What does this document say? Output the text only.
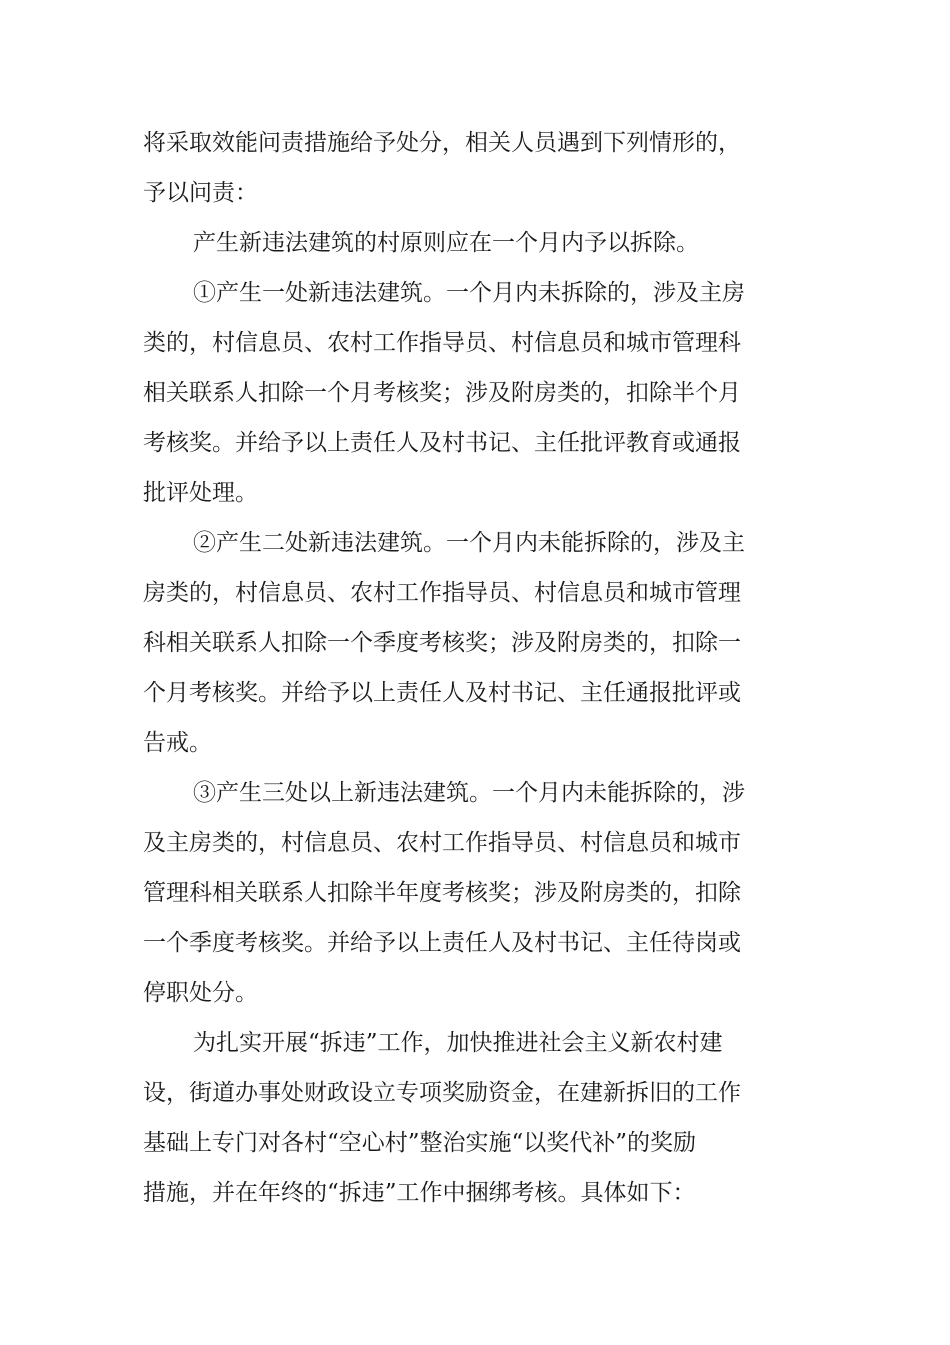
将采取效能问责措施给予处分，相关人员遇到下列情形的，
予以问责：
产生新违法建筑的村原则应在一个月内予以拆除。
①产生一处新违法建筑。一个月内未拆除的，涉及主房
类的，村信息员、农村工作指导员、村信息员和城市管理科
相关联系人扣除一个月考核奖；涉及附房类的，扣除半个月
考核奖。并给予以上责任人及村书记、主任批评教育或通报
批评处理。
②产生二处新违法建筑。一个月内未能拆除的，涉及主
房类的，村信息员、农村工作指导员、村信息员和城市管理
科相关联系人扣除一个季度考核奖；涉及附房类的，扣除一
个月考核奖。并给予以上责任人及村书记、主任通报批评或
告戒。
③产生三处以上新违法建筑。一个月内未能拆除的，涉
及主房类的，村信息员、农村工作指导员、村信息员和城市
管理科相关联系人扣除半年度考核奖；涉及附房类的，扣除
一个季度考核奖。并给予以上责任人及村书记、主任待岗或
停职处分。
为扎实开展“拆违”工作，加快推进社会主义新农村建
设，街道办事处财政设立专项奖励资金，在建新拆旧的工作
基础上专门对各村“空心村”整治实施“以奖代补”的奖励
措施，并在年终的“拆违”工作中捆绑考核。具体如下：
